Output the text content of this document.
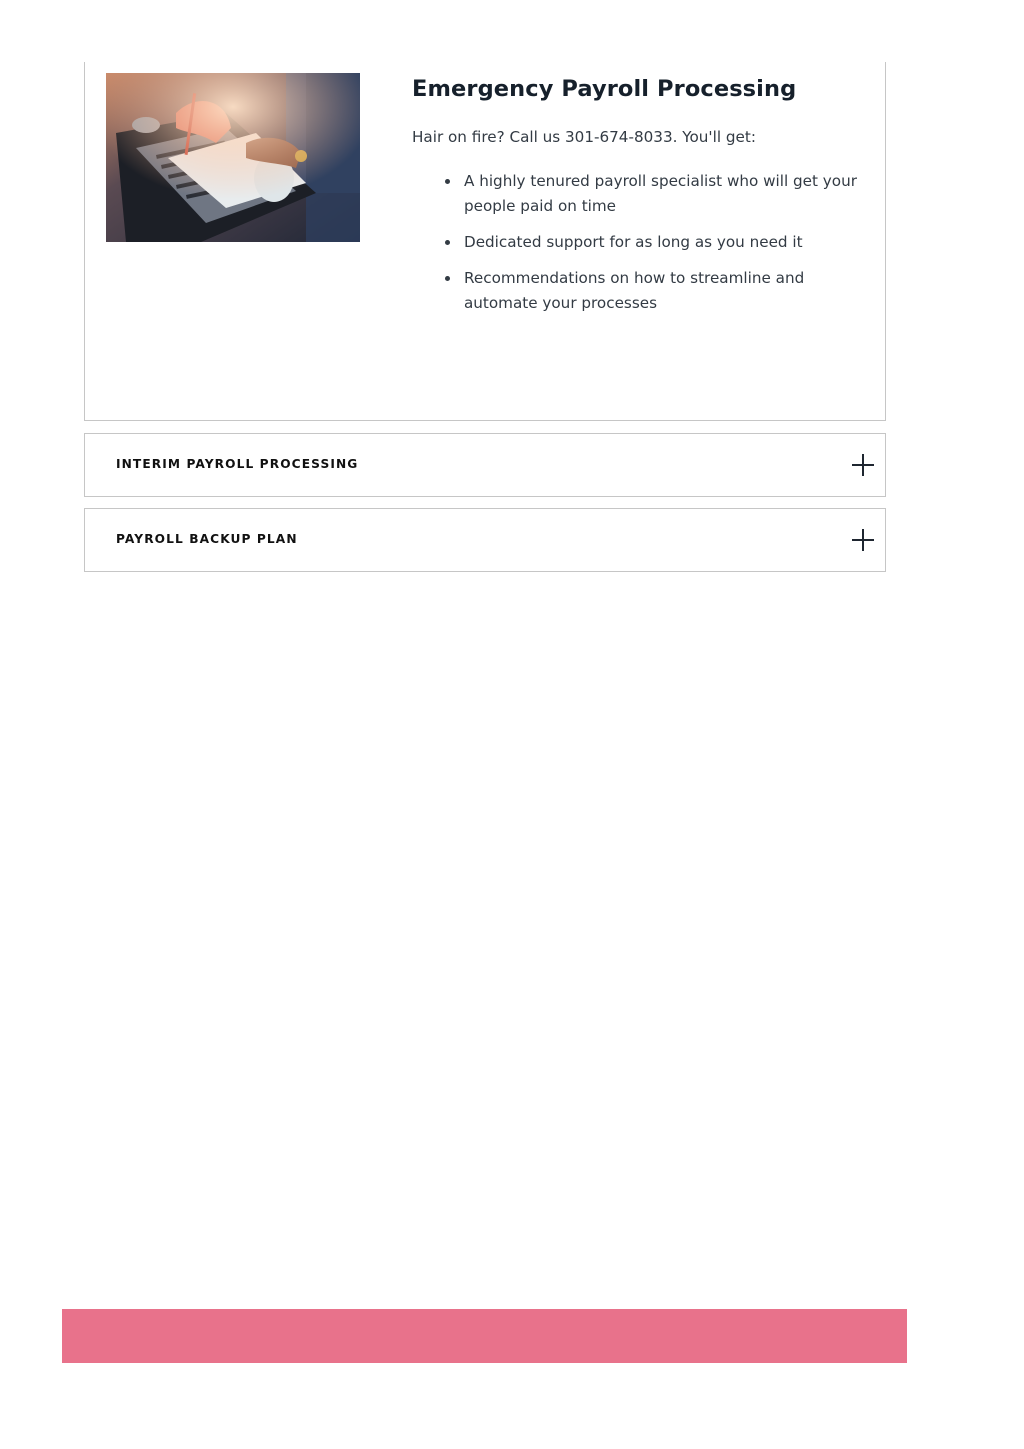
Emergency Payroll Processing

Hair on fire? Call us 301-674-8033. You'll get:

A highly tenured payroll specialist who will get your people paid on time
Dedicated support for as long as you need it
Recommendations on how to streamline and automate your processes
INTERIM PAYROLL PROCESSING
PAYROLL BACKUP PLAN
